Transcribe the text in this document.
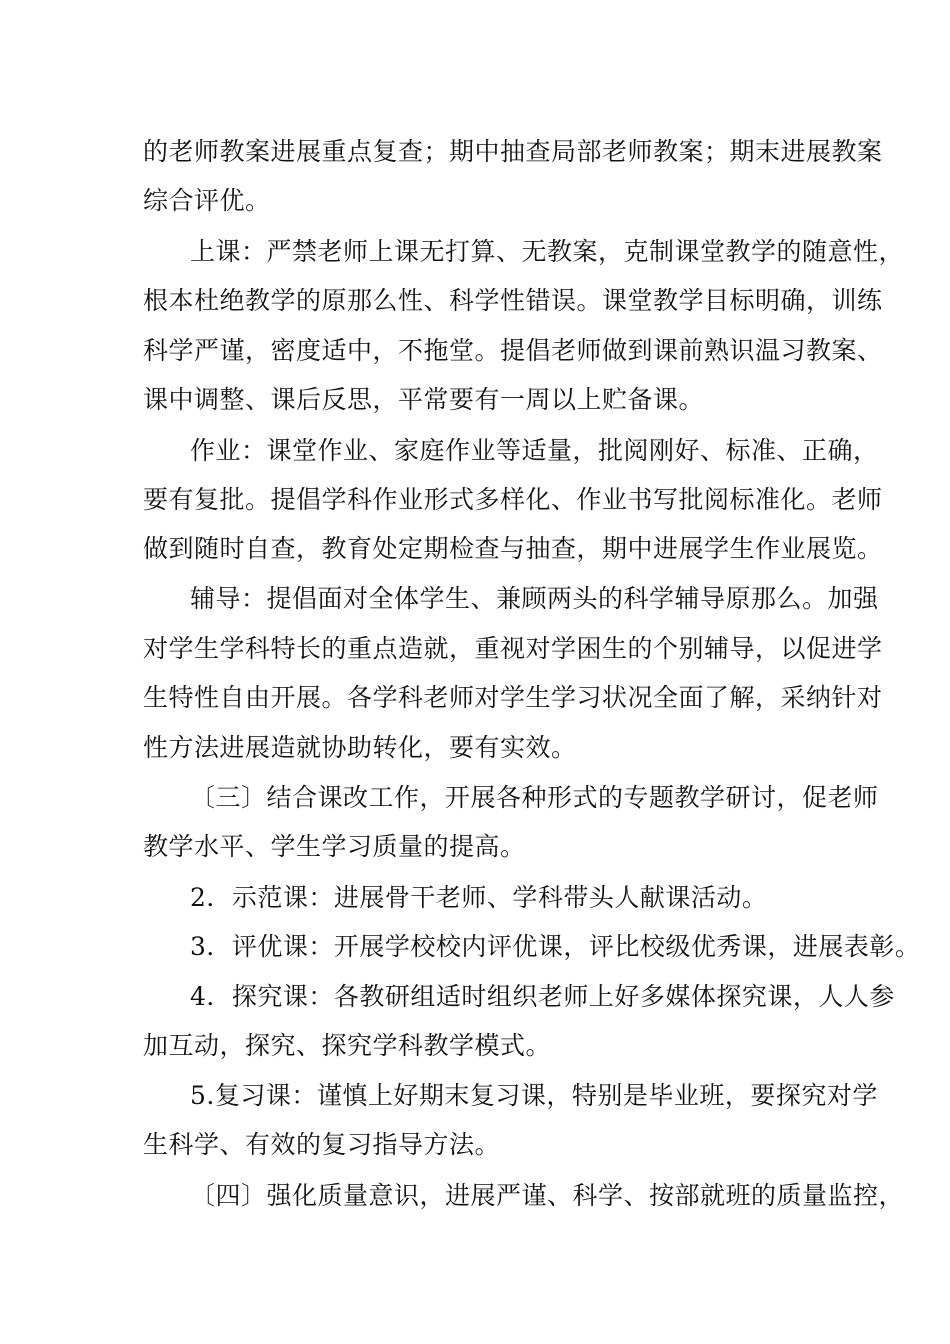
的老师教案进展重点复查；期中抽查局部老师教案；期末进展教案
综合评优。
上课：严禁老师上课无打算、无教案，克制课堂教学的随意性，
根本杜绝教学的原那么性、科学性错误。课堂教学目标明确，训练
科学严谨，密度适中，不拖堂。提倡老师做到课前熟识温习教案、
课中调整、课后反思，平常要有一周以上贮备课。
作业：课堂作业、家庭作业等适量，批阅刚好、标准、正确，
要有复批。提倡学科作业形式多样化、作业书写批阅标准化。老师
做到随时自查，教育处定期检查与抽查，期中进展学生作业展览。
辅导：提倡面对全体学生、兼顾两头的科学辅导原那么。加强
对学生学科特长的重点造就，重视对学困生的个别辅导，以促进学
生特性自由开展。各学科老师对学生学习状况全面了解，采纳针对
性方法进展造就协助转化，要有实效。
〔三〕结合课改工作，开展各种形式的专题教学研讨，促老师
教学水平、学生学习质量的提高。
2．示范课：进展骨干老师、学科带头人献课活动。
3．评优课：开展学校校内评优课，评比校级优秀课，进展表彰。
4．探究课：各教研组适时组织老师上好多媒体探究课，人人参
加互动，探究、探究学科教学模式。
5.复习课：谨慎上好期末复习课，特别是毕业班，要探究对学
生科学、有效的复习指导方法。
〔四〕强化质量意识，进展严谨、科学、按部就班的质量监控，
